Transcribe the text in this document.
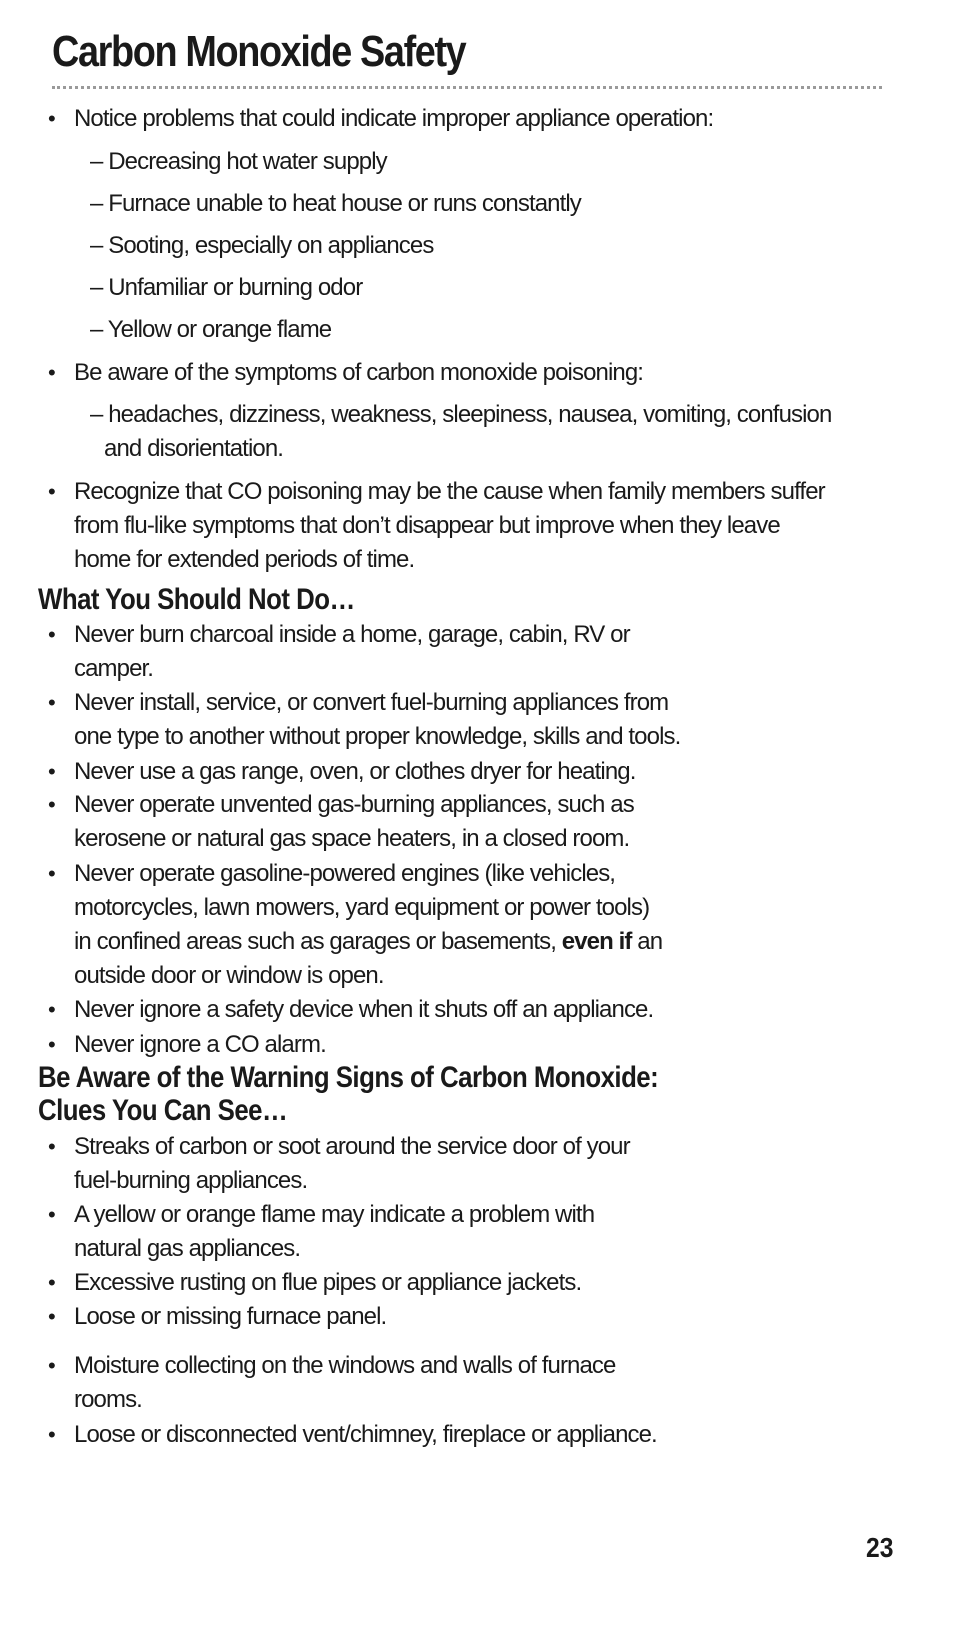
Carbon Monoxide Safety
• Notice problems that could indicate improper appliance operation:
– Decreasing hot water supply
– Furnace unable to heat house or runs constantly
– Sooting, especially on appliances
– Unfamiliar or burning odor
– Yellow or orange flame
• Be aware of the symptoms of carbon monoxide poisoning:
– headaches, dizziness, weakness, sleepiness, nausea, vomiting, confusion
and disorientation.
• Recognize that CO poisoning may be the cause when family members suffer
from flu-like symptoms that don’t disappear but improve when they leave
home for extended periods of time.
What You Should Not Do…
• Never burn charcoal inside a home, garage, cabin, RV or
camper.
• Never install, service, or convert fuel-burning appliances from
one type to another without proper knowledge, skills and tools.
• Never use a gas range, oven, or clothes dryer for heating.
• Never operate unvented gas-burning appliances, such as
kerosene or natural gas space heaters, in a closed room.
• Never operate gasoline-powered engines (like vehicles,
motorcycles, lawn mowers, yard equipment or power tools)
in confined areas such as garages or basements, even if an
outside door or window is open.
• Never ignore a safety device when it shuts off an appliance.
• Never ignore a CO alarm.
Be Aware of the Warning Signs of Carbon Monoxide:
Clues You Can See…
• Streaks of carbon or soot around the service door of your
fuel-burning appliances.
• A yellow or orange flame may indicate a problem with
natural gas appliances.
• Excessive rusting on flue pipes or appliance jackets.
• Loose or missing furnace panel.
• Moisture collecting on the windows and walls of furnace
rooms.
• Loose or disconnected vent/chimney, fireplace or appliance.
23
